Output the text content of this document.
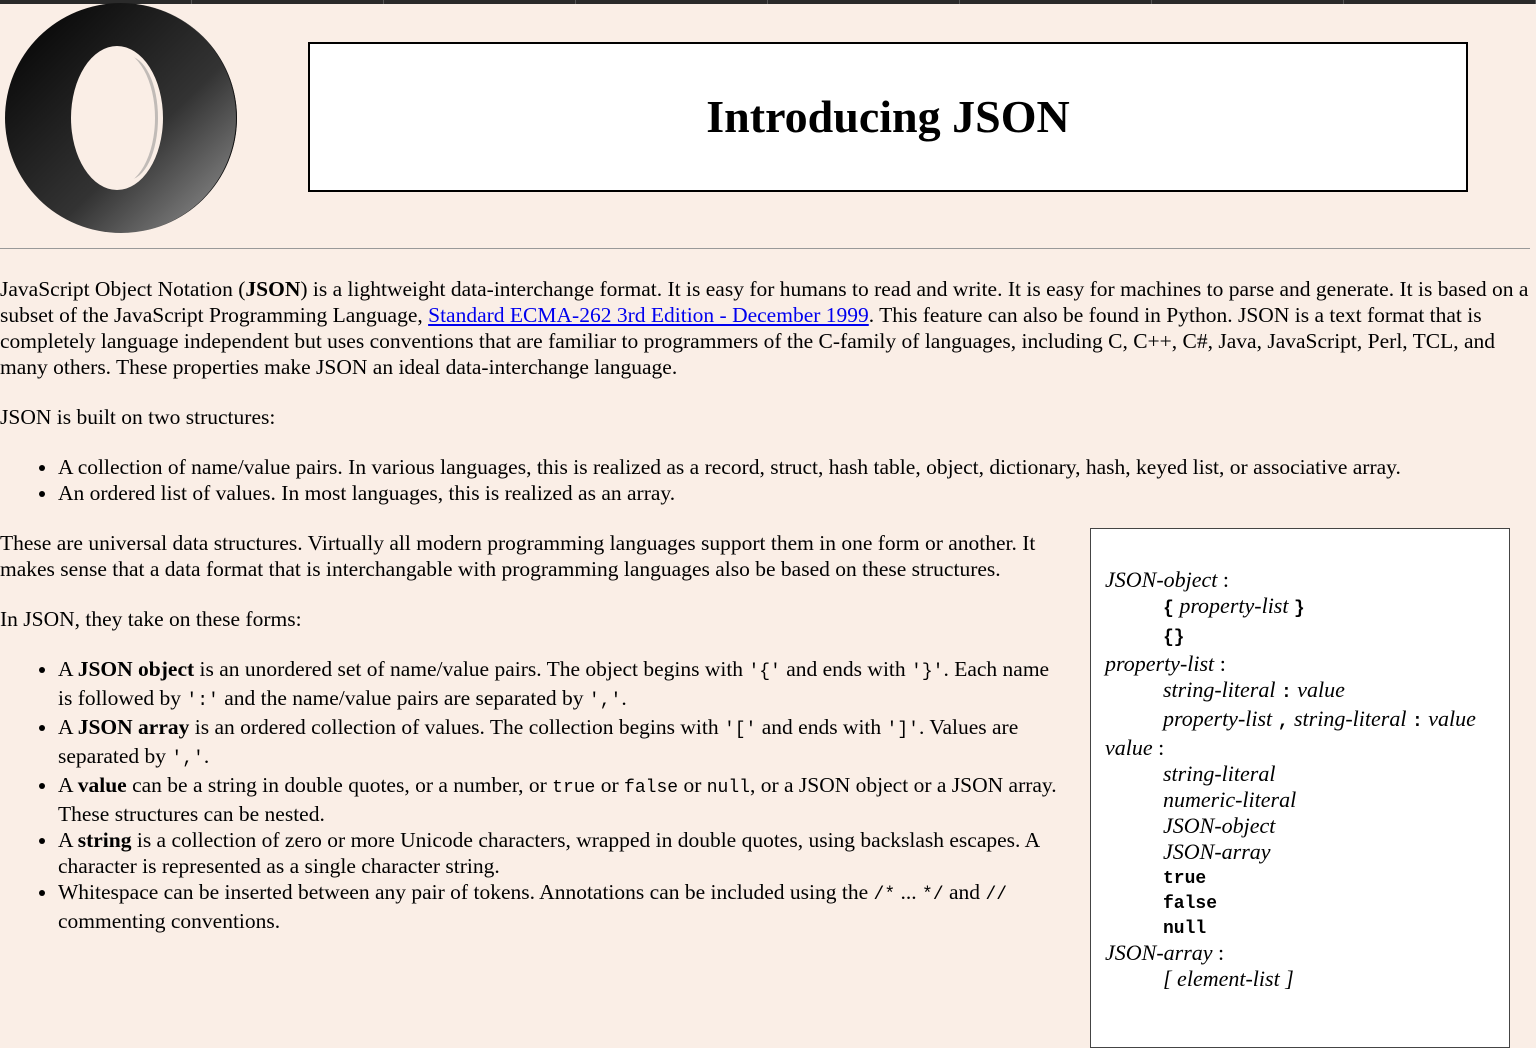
Introducing JSON

JavaScript Object Notation (JSON) is a lightweight data-interchange format. It is easy for humans to read and write. It is easy for machines to parse and generate. It is based on a subset of the JavaScript Programming Language, Standard ECMA-262 3rd Edition - December 1999. This feature can also be found in Python. JSON is a text format that is completely language independent but uses conventions that are familiar to programmers of the C-family of languages, including C, C++, C#, Java, JavaScript, Perl, TCL, and many others. These properties make JSON an ideal data-interchange language.

JSON is built on two structures:

• A collection of name/value pairs. In various languages, this is realized as a record, struct, hash table, object, dictionary, hash, keyed list, or associative array.
• An ordered list of values. In most languages, this is realized as an array.
JSON-object :
{ property-list }
{}
property-list :
string-literal : value
property-list , string-literal : value
value :
string-literal
numeric-literal
JSON-object
JSON-array
true
false
null
JSON-array :
[ element-list ]

These are universal data structures. Virtually all modern programming languages support them in one form or another. It makes sense that a data format that is interchangable with programming languages also be based on these structures.

In JSON, they take on these forms:

• A JSON object is an unordered set of name/value pairs. The object begins with '{' and ends with '}'. Each name is followed by ':' and the name/value pairs are separated by ','.
• A JSON array is an ordered collection of values. The collection begins with '[' and ends with ']'. Values are separated by ','.
• A value can be a string in double quotes, or a number, or true or false or null, or a JSON object or a JSON array. These structures can be nested.
• A string is a collection of zero or more Unicode characters, wrapped in double quotes, using backslash escapes. A character is represented as a single character string.
• Whitespace can be inserted between any pair of tokens. Annotations can be included using the /* ... */ and // commenting conventions.
